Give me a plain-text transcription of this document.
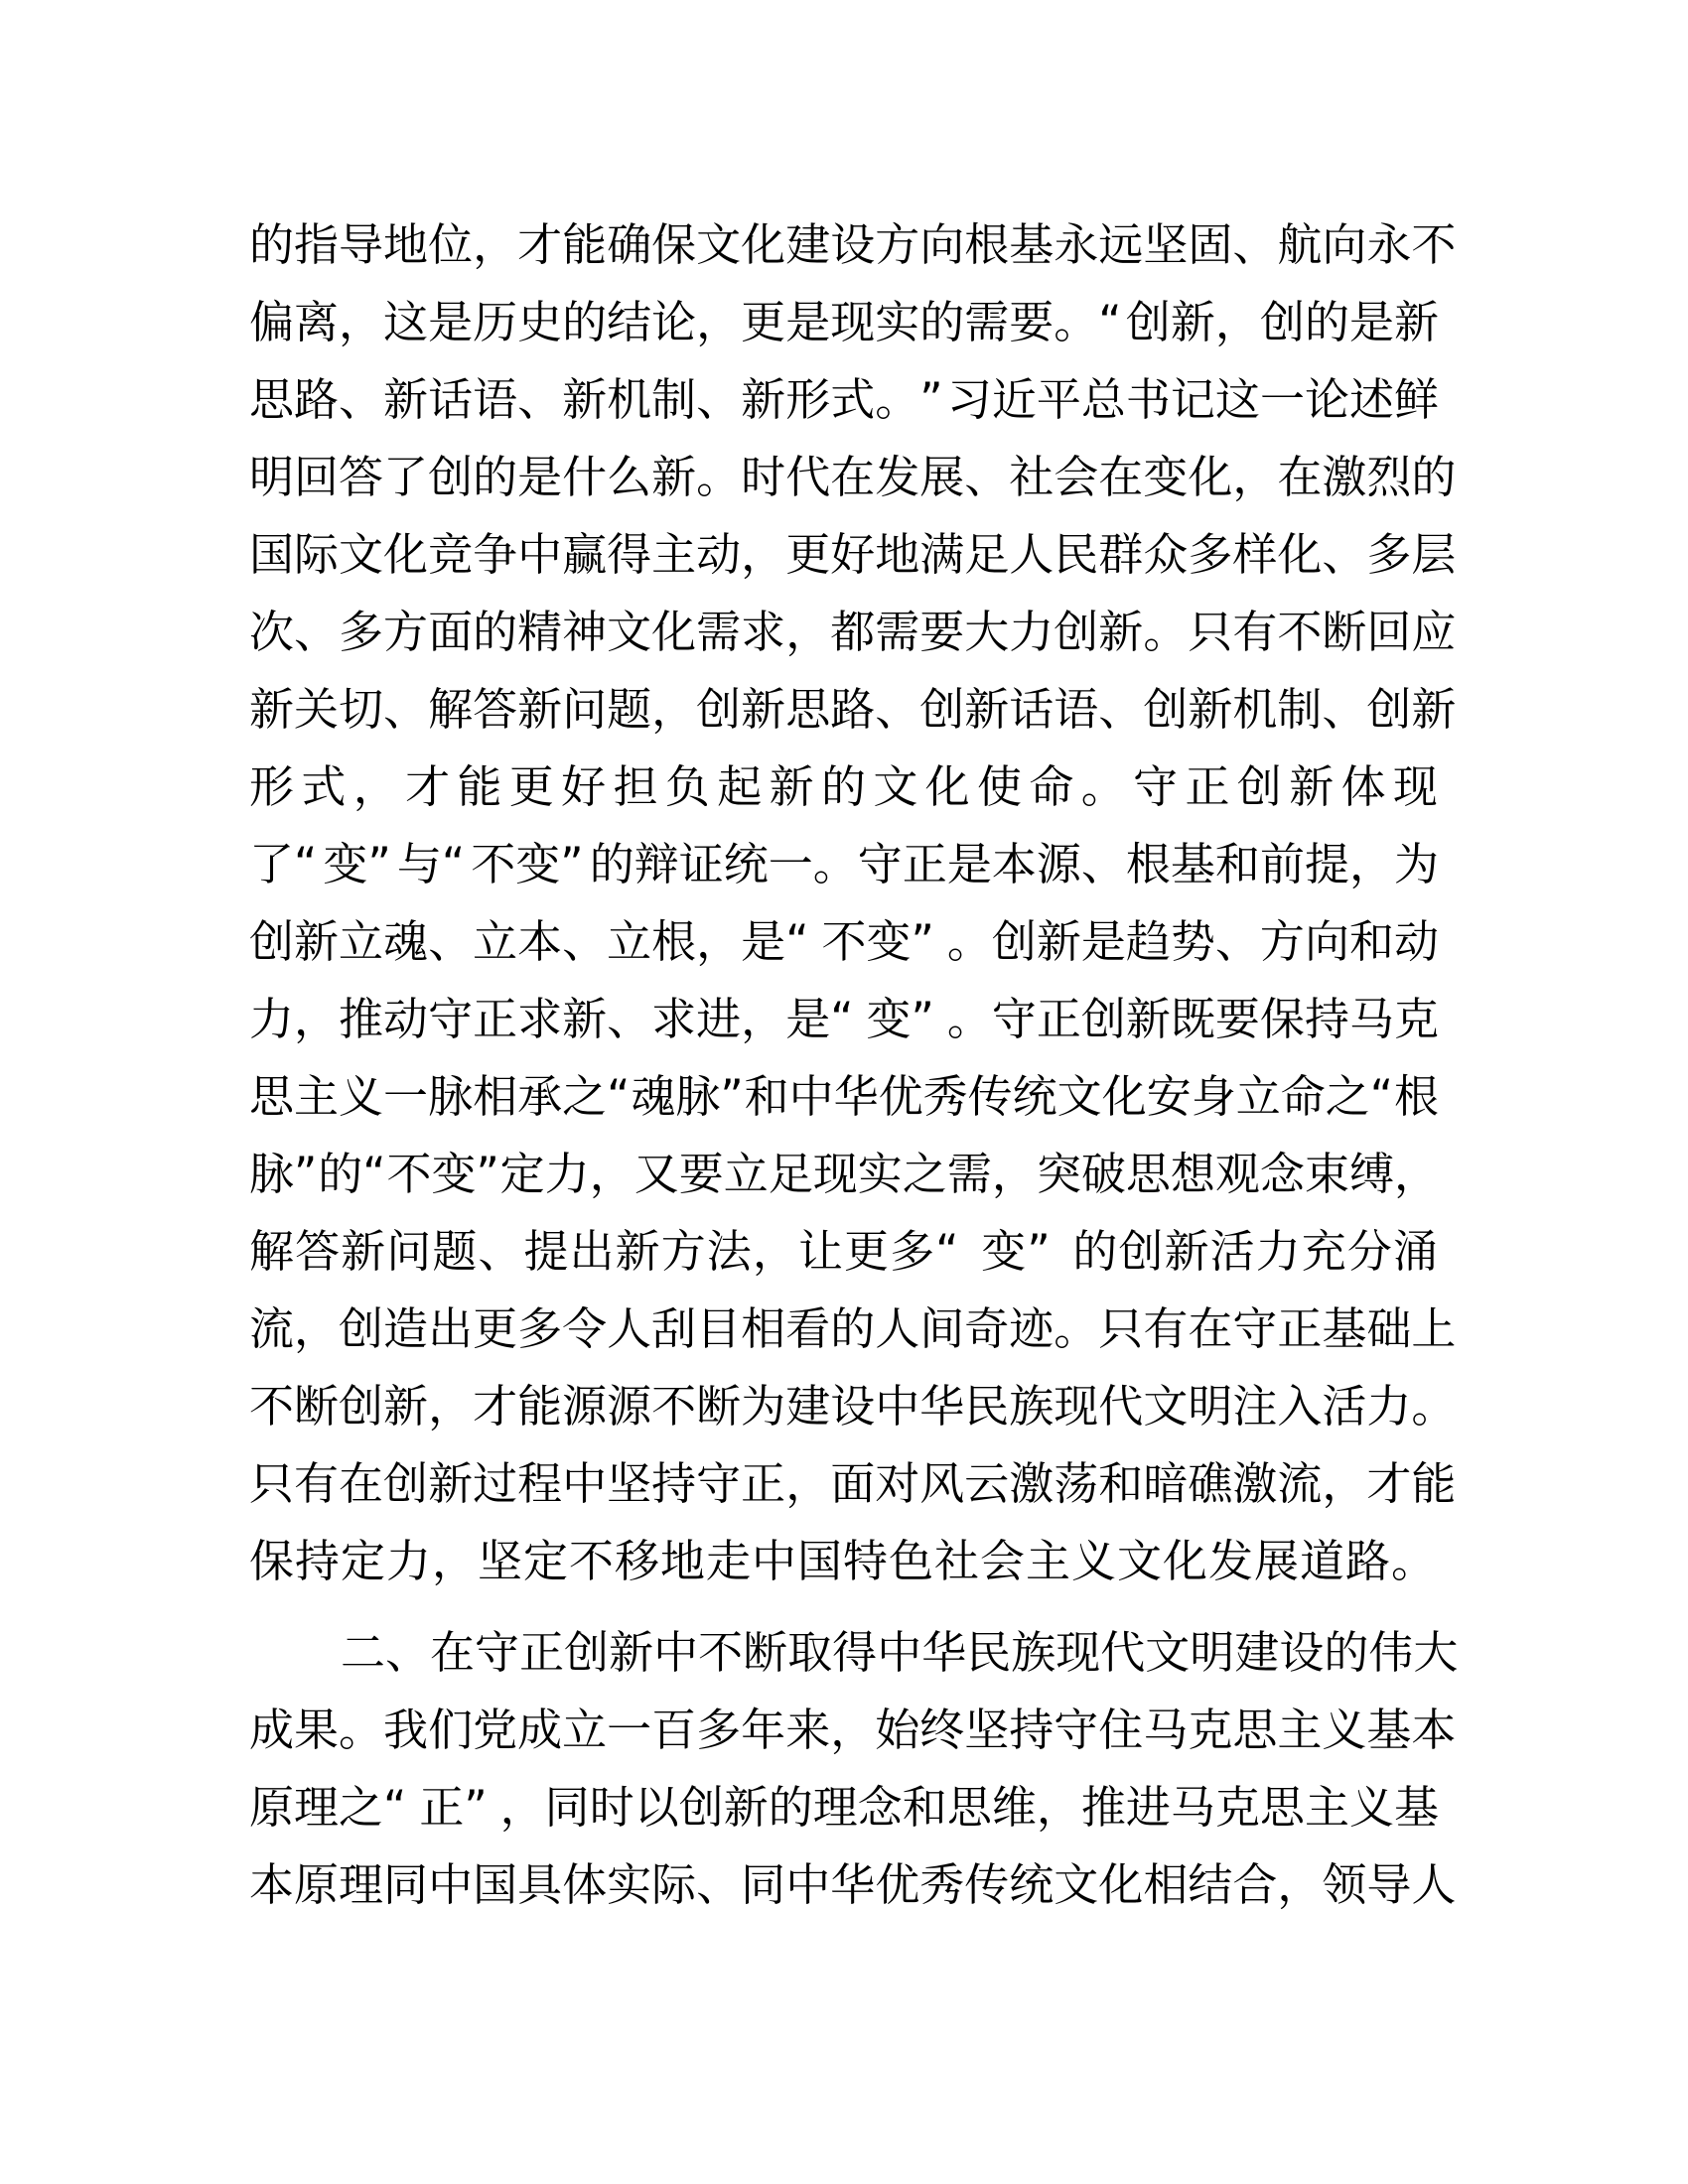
的 指 导 地 位 ， 才 能 确 保 文 化 建 设 方 向 根 基 永 远 坚 固 、 航 向 永 不
偏 离 ， 这 是 历 史 的 结 论 ， 更 是 现 实 的 需 要 。 “ 创 新 ， 创 的 是 新
思 路 、 新 话 语 、 新 机 制 、 新 形 式 。 ” 习 近 平 总 书 记 这 一 论 述 鲜
明 回 答 了 创 的 是 什 么 新 。 时 代 在 发 展 、 社 会 在 变 化 ， 在 激 烈 的
国 际 文 化 竞 争 中 赢 得 主 动 ， 更 好 地 满 足 人 民 群 众 多 样 化 、 多 层
次 、 多 方 面 的 精 神 文 化 需 求 ， 都 需 要 大 力 创 新 。 只 有 不 断 回 应
新 关 切 、 解 答 新 问 题 ， 创 新 思 路 、 创 新 话 语 、 创 新 机 制 、 创 新
形 式 ， 才 能 更 好 担 负 起 新 的 文 化 使 命 。 守 正 创 新 体 现
了 “ 变 ” 与 “ 不 变 ” 的 辩 证 统 一 。 守 正 是 本 源 、 根 基 和 前 提 ， 为
创 新 立 魂 、 立 本 、 立 根 ， 是 “ 不 变 ” 。 创 新 是 趋 势 、 方 向 和 动
力 ， 推 动 守 正 求 新 、 求 进 ， 是 “ 变 ” 。 守 正 创 新 既 要 保 持 马 克
思 主 义 一 脉 相 承 之 “ 魂 脉 ” 和 中 华 优 秀 传 统 文 化 安 身 立 命 之 “ 根
脉 ” 的 “ 不 变 ” 定 力 ， 又 要 立 足 现 实 之 需 ， 突 破 思 想 观 念 束 缚 ，
解 答 新 问 题 、 提 出 新 方 法 ， 让 更 多 “ 变 ” 的 创 新 活 力 充 分 涌
流 ， 创 造 出 更 多 令 人 刮 目 相 看 的 人 间 奇 迹 。 只 有 在 守 正 基 础 上
不 断 创 新 ， 才 能 源 源 不 断 为 建 设 中 华 民 族 现 代 文 明 注 入 活 力 。
只 有 在 创 新 过 程 中 坚 持 守 正 ， 面 对 风 云 激 荡 和 暗 礁 激 流 ， 才 能
保 持 定 力 ， 坚 定 不 移 地 走 中 国 特 色 社 会 主 义 文 化 发 展 道 路 。
二 、 在 守 正 创 新 中 不 断 取 得 中 华 民 族 现 代 文 明 建 设 的 伟 大
成 果 。 我 们 党 成 立 一 百 多 年 来 ， 始 终 坚 持 守 住 马 克 思 主 义 基 本
原 理 之 “ 正 ” ， 同 时 以 创 新 的 理 念 和 思 维 ， 推 进 马 克 思 主 义 基
本 原 理 同 中 国 具 体 实 际 、 同 中 华 优 秀 传 统 文 化 相 结 合 ， 领 导 人
